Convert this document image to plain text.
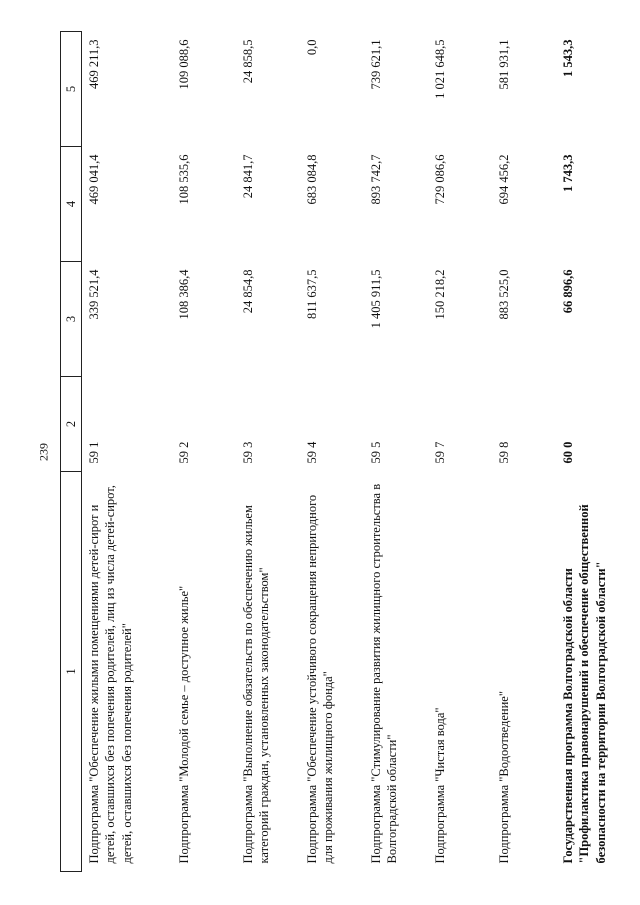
239
1	2	3	4	5
Подпрограмма "Обеспечение жилыми помещениями детей-сирот и детей, оставшихся без попечения родителей, лиц из числа детей-сирот, детей, оставшихся без попечения родителей"	59 1	339 521,4	469 041,4	469 211,3
Подпрограмма "Молодой семье – доступное жилье"	59 2	108 386,4	108 535,6	109 088,6
Подпрограмма "Выполнение обязательств по обеспечению жильем категорий граждан, установленных законодательством"	59 3	24 854,8	24 841,7	24 858,5
Подпрограмма "Обеспечение устойчивого сокращения непригодного для проживания жилищного фонда"	59 4	811 637,5	683 084,8	0,0
Подпрограмма "Стимулирование развития жилищного строительства в Волгоградской области"	59 5	1 405 911,5	893 742,7	739 621,1
Подпрограмма "Чистая вода"	59 7	150 218,2	729 086,6	1 021 648,5
Подпрограмма "Водоотведение"	59 8	883 525,0	694 456,2	581 931,1
Государственная программа Волгоградской области "Профилактика правонарушений и обеспечение общественной безопасности на территории Волгоградской области"	60 0	66 896,6	1 743,3	1 543,3
